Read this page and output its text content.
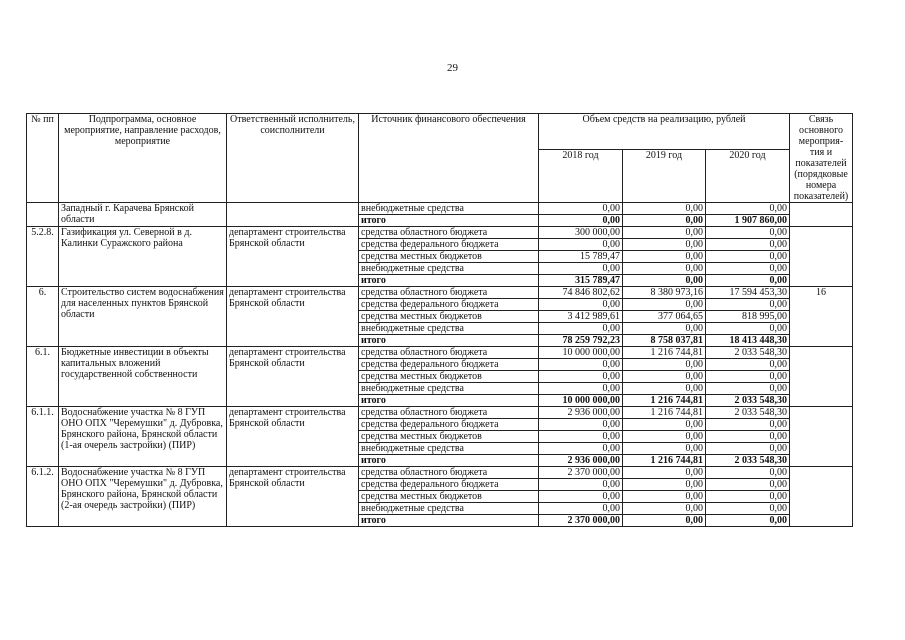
29
№ пп	Подпрограмма, основное мероприятие, направление расходов, мероприятие	Ответственный исполнитель, соисполнители	Источник финансового обеспечения	Объем средств на реализацию, рублей			Связь основного мероприя-тия и показателей (порядковые номера показателей)
				2018 год	2019 год	2020 год	
	Западный г. Карачева Брянской области		внебюджетные средства	0,00	0,00	0,00	
			итого	0,00	0,00	1 907 860,00	
5.2.8.	Газификация ул. Северной в д. Калинки Суражского района	департамент строительства Брянской области	средства областного бюджета	300 000,00	0,00	0,00	
			средства федерального бюджета	0,00	0,00	0,00	
			средства местных бюджетов	15 789,47	0,00	0,00	
			внебюджетные средства	0,00	0,00	0,00	
			итого	315 789,47	0,00	0,00	
6.	Строительство систем водоснабжения для населенных пунктов Брянской области	департамент строительства Брянской области	средства областного бюджета	74 846 802,62	8 380 973,16	17 594 453,30	16
			средства федерального бюджета	0,00	0,00	0,00	
			средства местных бюджетов	3 412 989,61	377 064,65	818 995,00	
			внебюджетные средства	0,00	0,00	0,00	
			итого	78 259 792,23	8 758 037,81	18 413 448,30	
6.1.	Бюджетные инвестиции в объекты капитальных вложений государственной собственности	департамент строительства Брянской области	средства областного бюджета	10 000 000,00	1 216 744,81	2 033 548,30	
			средства федерального бюджета	0,00	0,00	0,00	
			средства местных бюджетов	0,00	0,00	0,00	
			внебюджетные средства	0,00	0,00	0,00	
			итого	10 000 000,00	1 216 744,81	2 033 548,30	
6.1.1.	Водоснабжение участка № 8 ГУП ОНО ОПХ "Черемушки" д. Дубровка, Брянского района, Брянской области (1-ая очерель застройки) (ПИР)	департамент строительства Брянской области	средства областного бюджета	2 936 000,00	1 216 744,81	2 033 548,30	
			средства федерального бюджета	0,00	0,00	0,00	
			средства местных бюджетов	0,00	0,00	0,00	
			внебюджетные средства	0,00	0,00	0,00	
			итого	2 936 000,00	1 216 744,81	2 033 548,30	
6.1.2.	Водоснабжение участка № 8 ГУП ОНО ОПХ "Черемушки" д. Дубровка, Брянского района, Брянской области (2-ая очередь застройки) (ПИР)	департамент строительства Брянской области	средства областного бюджета	2 370 000,00	0,00	0,00	
			средства федерального бюджета	0,00	0,00	0,00	
			средства местных бюджетов	0,00	0,00	0,00	
			внебюджетные средства	0,00	0,00	0,00	
			итого	2 370 000,00	0,00	0,00	
